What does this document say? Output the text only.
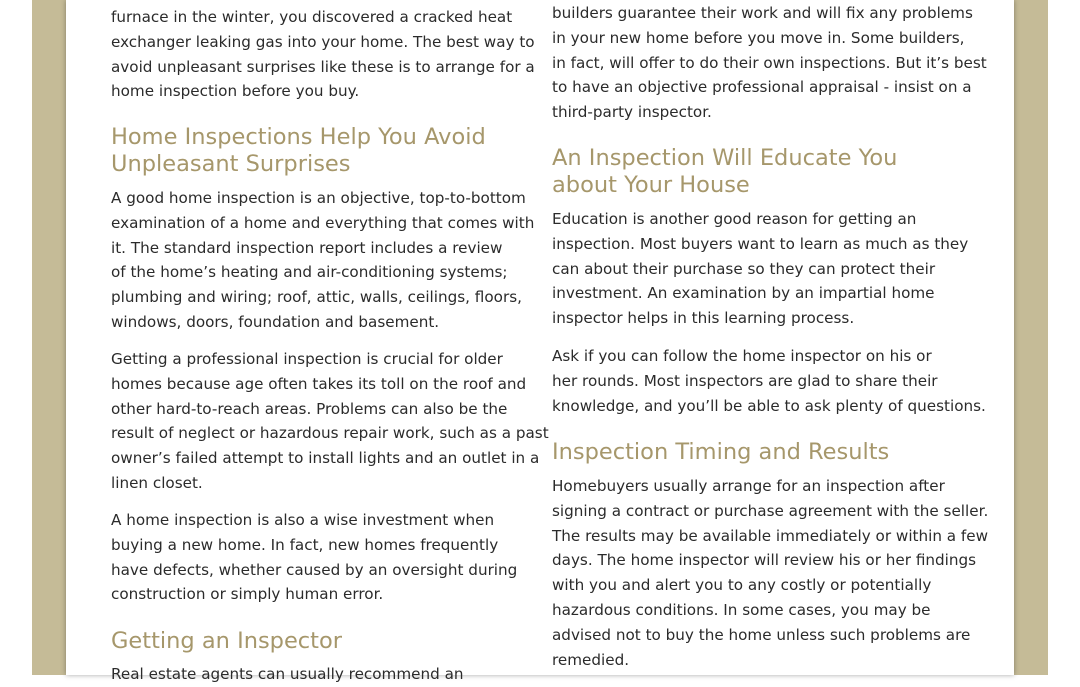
furnace in the winter, you discovered a cracked heat
exchanger leaking gas into your home. The best way to
avoid unpleasant surprises like these is to arrange for a
home inspection before you buy.
Home Inspections Help You Avoid
Unpleasant Surprises
A good home inspection is an objective, top-to-bottom
examination of a home and everything that comes with
it. The standard inspection report includes a review
of the home’s heating and air-conditioning systems;
plumbing and wiring; roof, attic, walls, ceilings, floors,
windows, doors, foundation and basement.
Getting a professional inspection is crucial for older
homes because age often takes its toll on the roof and
other hard-to-reach areas. Problems can also be the
result of neglect or hazardous repair work, such as a past
owner’s failed attempt to install lights and an outlet in a
linen closet.
A home inspection is also a wise investment when
buying a new home. In fact, new homes frequently
have defects, whether caused by an oversight during
construction or simply human error.
Getting an Inspector
Real estate agents can usually recommend an
builders guarantee their work and will fix any problems
in your new home before you move in. Some builders,
in fact, will offer to do their own inspections. But it’s best
to have an objective professional appraisal - insist on a
third-party inspector.
An Inspection Will Educate You
about Your House
Education is another good reason for getting an
inspection. Most buyers want to learn as much as they
can about their purchase so they can protect their
investment. An examination by an impartial home
inspector helps in this learning process.
Ask if you can follow the home inspector on his or
her rounds. Most inspectors are glad to share their
knowledge, and you’ll be able to ask plenty of questions.
Inspection Timing and Results
Homebuyers usually arrange for an inspection after
signing a contract or purchase agreement with the seller.
The results may be available immediately or within a few
days. The home inspector will review his or her findings
with you and alert you to any costly or potentially
hazardous conditions. In some cases, you may be
advised not to buy the home unless such problems are
remedied.
